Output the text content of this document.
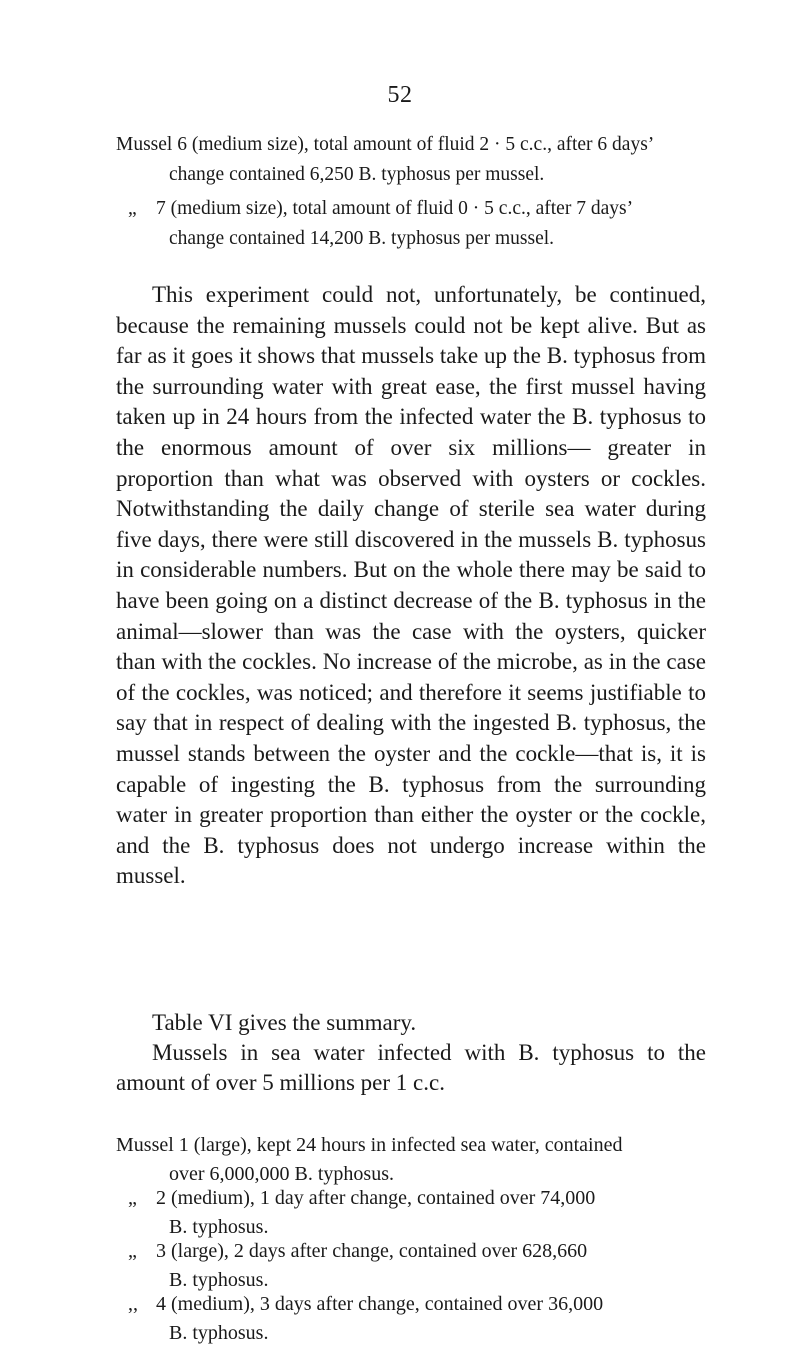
52
Mussel 6 (medium size), total amount of fluid 2 · 5 c.c., after 6 days’
change contained 6,250 B. typhosus per mussel.
„ 7 (medium size), total amount of fluid 0 · 5 c.c., after 7 days’
change contained 14,200 B. typhosus per mussel.
This experiment could not, unfortunately, be continued, because the remaining mussels could not be kept alive. But as far as it goes it shows that mussels take up the B. typhosus from the surrounding water with great ease, the first mussel having taken up in 24 hours from the infected water the B. typhosus to the enormous amount of over six millions— greater in proportion than what was observed with oysters or cockles. Notwithstanding the daily change of sterile sea water during five days, there were still discovered in the mussels B. typhosus in considerable numbers. But on the whole there may be said to have been going on a distinct decrease of the B. typhosus in the animal—slower than was the case with the oysters, quicker than with the cockles. No increase of the microbe, as in the case of the cockles, was noticed; and therefore it seems justifiable to say that in respect of dealing with the ingested B. typhosus, the mussel stands between the oyster and the cockle—that is, it is capable of ingesting the B. typhosus from the surrounding water in greater proportion than either the oyster or the cockle, and the B. typhosus does not undergo increase within the mussel.
Table VI gives the summary.
Mussels in sea water infected with B. typhosus to the
amount of over 5 millions per 1 c.c.
Mussel 1 (large), kept 24 hours in infected sea water, contained
over 6,000,000 B. typhosus.
„ 2 (medium), 1 day after change, contained over 74,000
B. typhosus.
„ 3 (large), 2 days after change, contained over 628,660
B. typhosus.
,, 4 (medium), 3 days after change, contained over 36,000
B. typhosus.
